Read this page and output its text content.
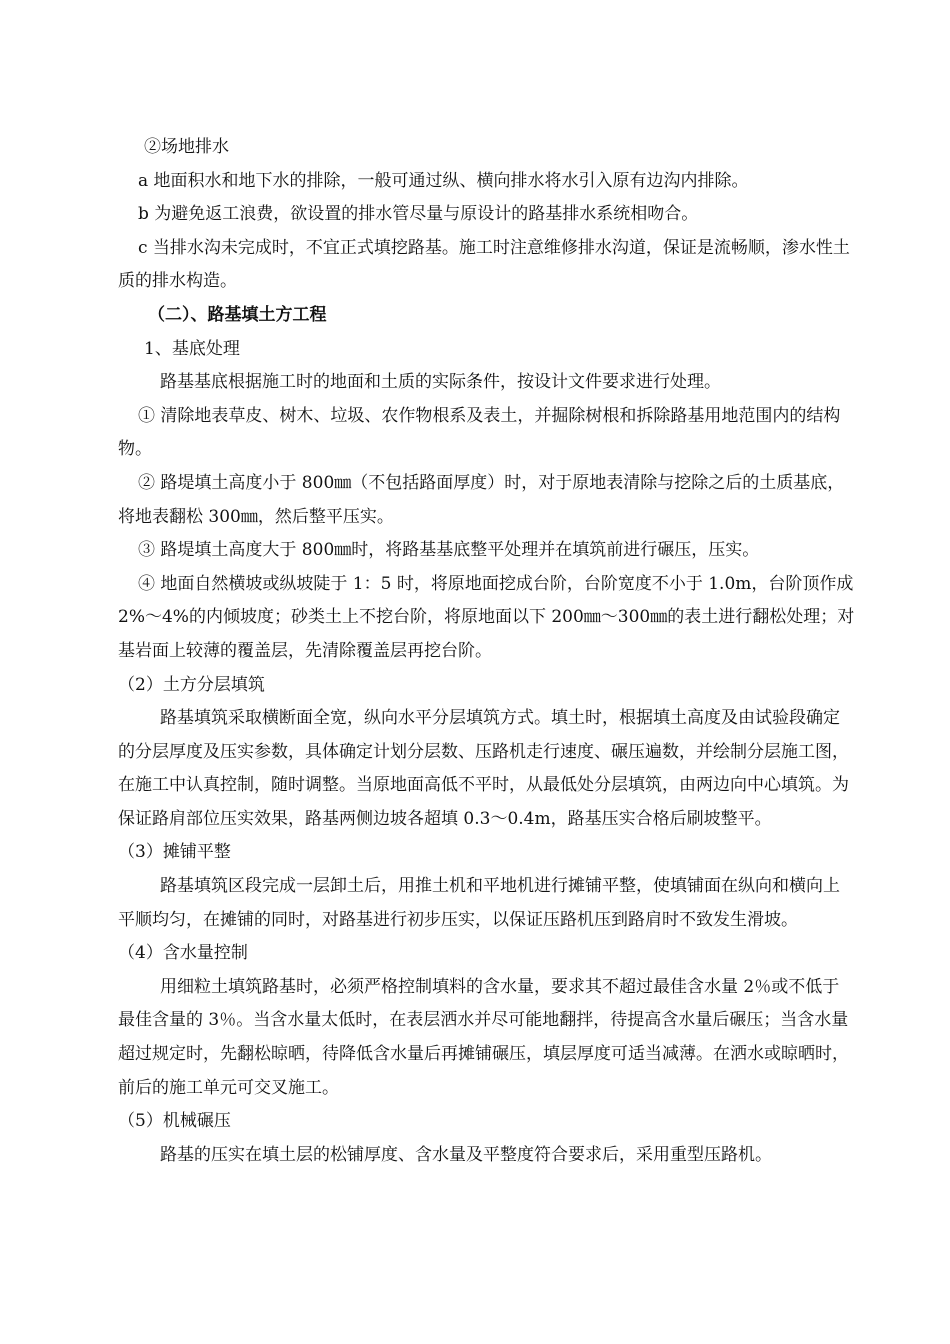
②场地排水

a 地面积水和地下水的排除，一般可通过纵、横向排水将水引入原有边沟内排除。

b 为避免返工浪费，欲设置的排水管尽量与原设计的路基排水系统相吻合。

c 当排水沟未完成时，不宜正式填挖路基。施工时注意维修排水沟道，保证是流畅顺，渗水性土质的排水构造。

（二）、路基填土方工程

1、基底处理

路基基底根据施工时的地面和土质的实际条件，按设计文件要求进行处理。

① 清除地表草皮、树木、垃圾、农作物根系及表土，并掘除树根和拆除路基用地范围内的结构物。

② 路堤填土高度小于 800㎜（不包括路面厚度）时，对于原地表清除与挖除之后的土质基底，将地表翻松 300㎜，然后整平压实。

③ 路堤填土高度大于 800㎜时，将路基基底整平处理并在填筑前进行碾压，压实。

④ 地面自然横坡或纵坡陡于 1：5 时，将原地面挖成台阶，台阶宽度不小于 1.0m，台阶顶作成 2%～4%的内倾坡度；砂类土上不挖台阶，将原地面以下 200㎜～300㎜的表土进行翻松处理；对基岩面上较薄的覆盖层，先清除覆盖层再挖台阶。

（2）土方分层填筑

路基填筑采取横断面全宽，纵向水平分层填筑方式。填土时，根据填土高度及由试验段确定的分层厚度及压实参数，具体确定计划分层数、压路机走行速度、碾压遍数，并绘制分层施工图，在施工中认真控制，随时调整。当原地面高低不平时，从最低处分层填筑，由两边向中心填筑。为保证路肩部位压实效果，路基两侧边坡各超填 0.3～0.4m，路基压实合格后刷坡整平。

（3）摊铺平整

路基填筑区段完成一层卸土后，用推土机和平地机进行摊铺平整，使填铺面在纵向和横向上平顺均匀，在摊铺的同时，对路基进行初步压实，以保证压路机压到路肩时不致发生滑坡。

（4）含水量控制

用细粒土填筑路基时，必须严格控制填料的含水量，要求其不超过最佳含水量 2％或不低于最佳含量的 3％。当含水量太低时，在表层洒水并尽可能地翻拌，待提高含水量后碾压；当含水量超过规定时，先翻松晾晒，待降低含水量后再摊铺碾压，填层厚度可适当减薄。在洒水或晾晒时，前后的施工单元可交叉施工。

（5）机械碾压

路基的压实在填土层的松铺厚度、含水量及平整度符合要求后，采用重型压路机。
